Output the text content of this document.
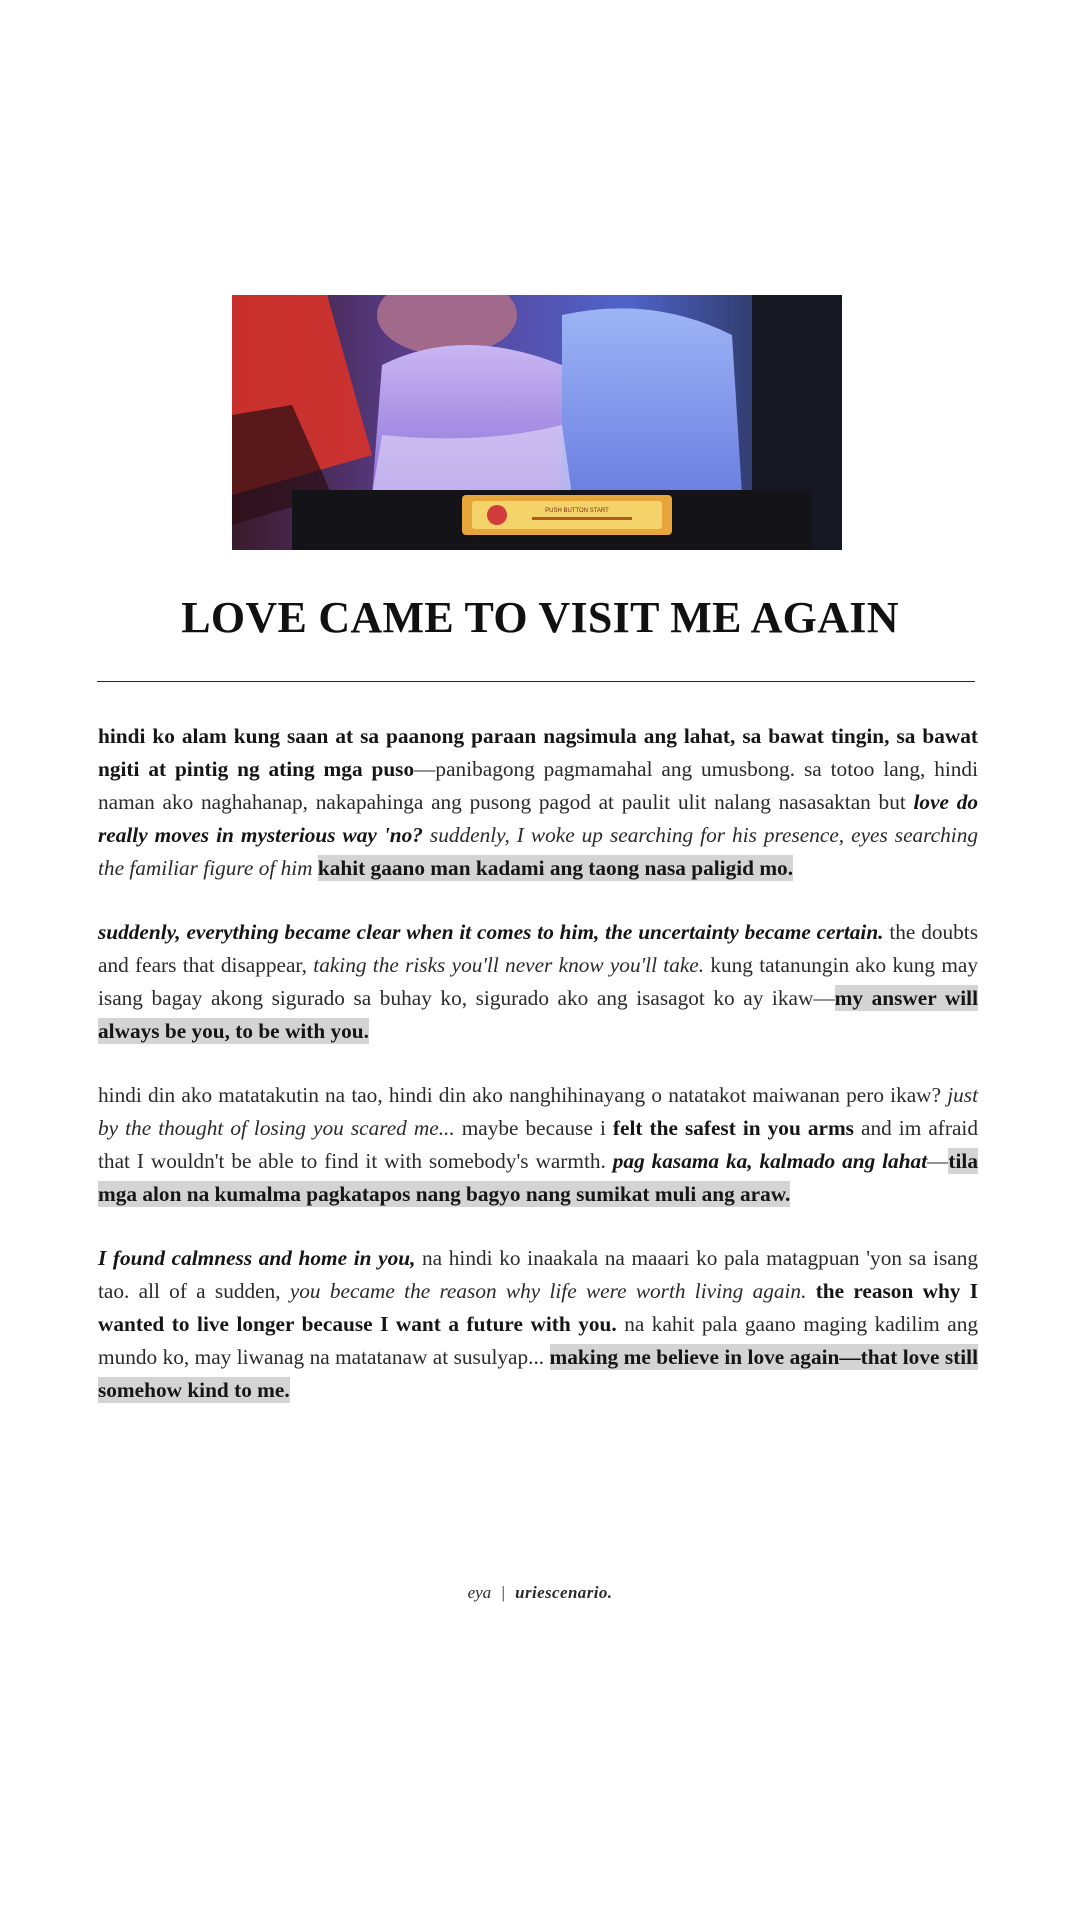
PUSH BUTTON START
LOVE CAME TO VISIT ME AGAIN

hindi ko alam kung saan at sa paanong paraan nagsimula ang lahat, sa bawat tingin, sa bawat ngiti at pintig ng ating mga puso—panibagong pagmamahal ang umusbong. sa totoo lang, hindi naman ako naghahanap, nakapahinga ang pusong pagod at paulit ulit nalang nasasaktan but love do really moves in mysterious way 'no? suddenly, I woke up searching for his presence, eyes searching the familiar figure of him kahit gaano man kadami ang taong nasa paligid mo.

suddenly, everything became clear when it comes to him, the uncertainty became certain. the doubts and fears that disappear, taking the risks you'll never know you'll take. kung tatanungin ako kung may isang bagay akong sigurado sa buhay ko, sigurado ako ang isasagot ko ay ikaw—my answer will always be you, to be with you.

hindi din ako matatakutin na tao, hindi din ako nanghihinayang o natatakot maiwanan pero ikaw? just by the thought of losing you scared me... maybe because i felt the safest in you arms and im afraid that I wouldn't be able to find it with somebody's warmth. pag kasama ka, kalmado ang lahat—tila mga alon na kumalma pagkatapos nang bagyo nang sumikat muli ang araw.

I found calmness and home in you, na hindi ko inaakala na maaari ko pala matagpuan 'yon sa isang tao. all of a sudden, you became the reason why life were worth living again. the reason why I wanted to live longer because I want a future with you. na kahit pala gaano maging kadilim ang mundo ko, may liwanag na matatanaw at susulyap... making me believe in love again—that love still somehow kind to me.

eya | uriescenario.
